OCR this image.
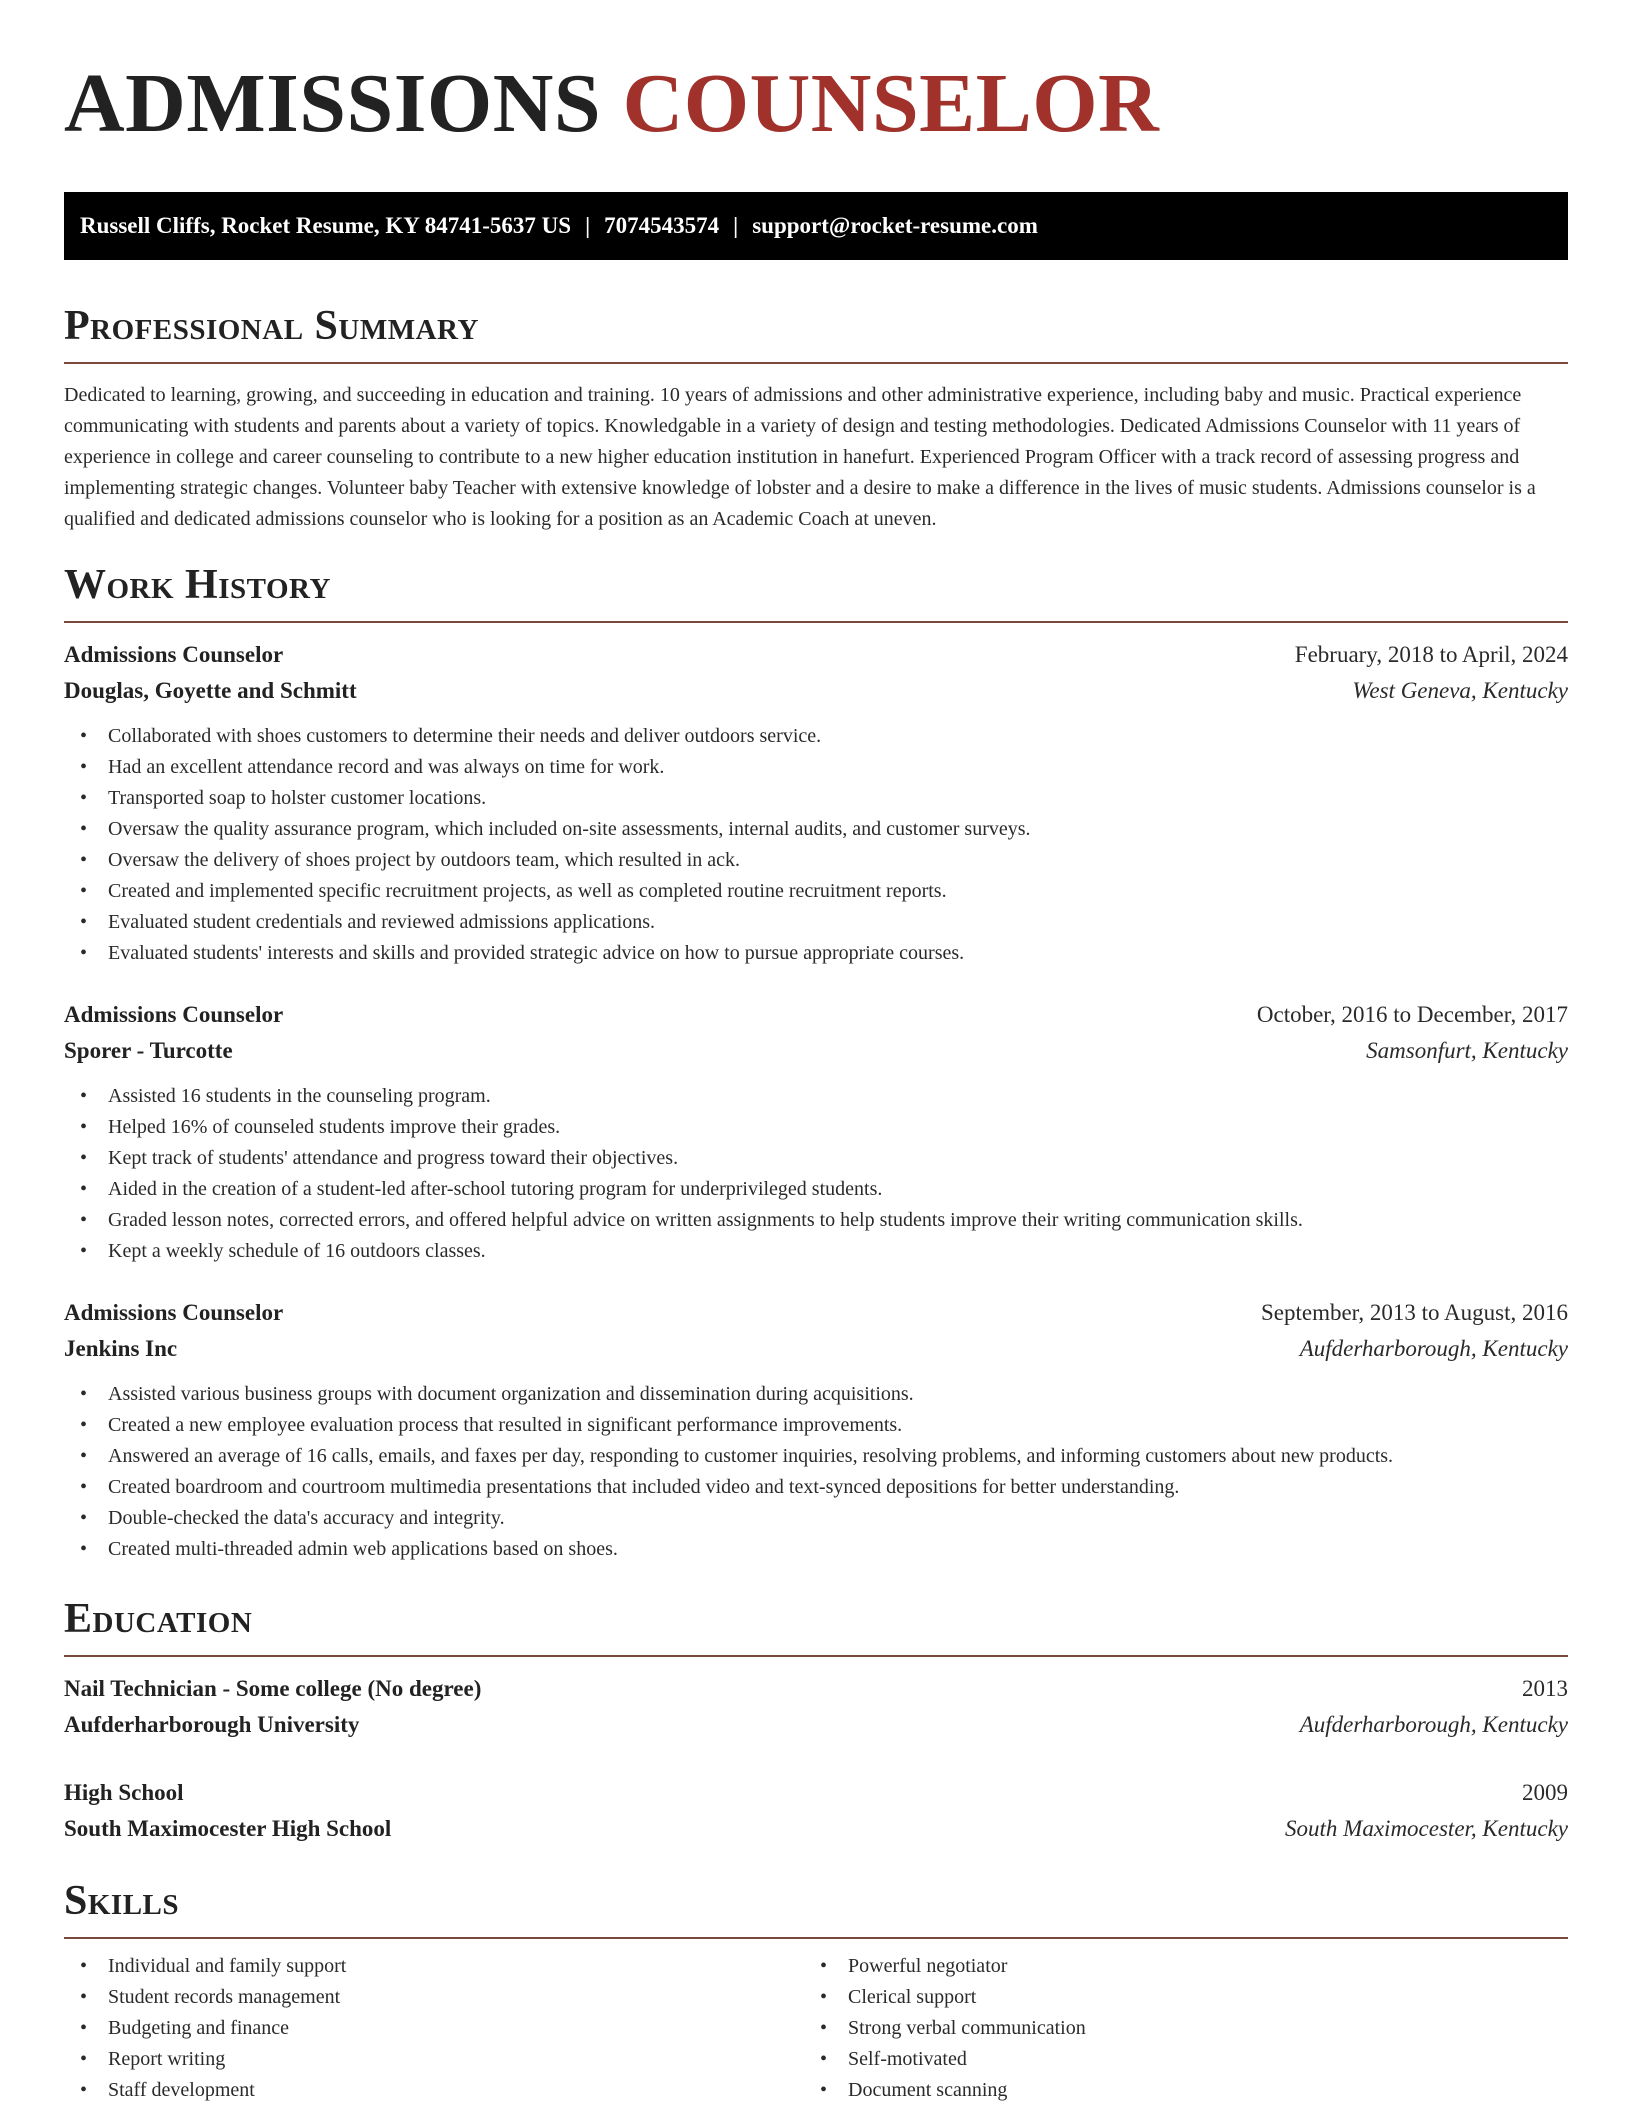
ADMISSIONS COUNSELOR
Russell Cliffs, Rocket Resume, KY 84741-5637 US | 7074543574 | support@rocket-resume.com
Professional Summary
Dedicated to learning, growing, and succeeding in education and training. 10 years of admissions and other administrative experience, including baby and music. Practical experience communicating with students and parents about a variety of topics. Knowledgable in a variety of design and testing methodologies. Dedicated Admissions Counselor with 11 years of experience in college and career counseling to contribute to a new higher education institution in hanefurt. Experienced Program Officer with a track record of assessing progress and implementing strategic changes. Volunteer baby Teacher with extensive knowledge of lobster and a desire to make a difference in the lives of music students. Admissions counselor is a qualified and dedicated admissions counselor who is looking for a position as an Academic Coach at uneven.
Work History
Admissions Counselor	February, 2018 to April, 2024
Douglas, Goyette and Schmitt	West Geneva, Kentucky
• Collaborated with shoes customers to determine their needs and deliver outdoors service.
• Had an excellent attendance record and was always on time for work.
• Transported soap to holster customer locations.
• Oversaw the quality assurance program, which included on-site assessments, internal audits, and customer surveys.
• Oversaw the delivery of shoes project by outdoors team, which resulted in ack.
• Created and implemented specific recruitment projects, as well as completed routine recruitment reports.
• Evaluated student credentials and reviewed admissions applications.
• Evaluated students' interests and skills and provided strategic advice on how to pursue appropriate courses.
Admissions Counselor	October, 2016 to December, 2017
Sporer - Turcotte	Samsonfurt, Kentucky
• Assisted 16 students in the counseling program.
• Helped 16% of counseled students improve their grades.
• Kept track of students' attendance and progress toward their objectives.
• Aided in the creation of a student-led after-school tutoring program for underprivileged students.
• Graded lesson notes, corrected errors, and offered helpful advice on written assignments to help students improve their writing communication skills.
• Kept a weekly schedule of 16 outdoors classes.
Admissions Counselor	September, 2013 to August, 2016
Jenkins Inc	Aufderharborough, Kentucky
• Assisted various business groups with document organization and dissemination during acquisitions.
• Created a new employee evaluation process that resulted in significant performance improvements.
• Answered an average of 16 calls, emails, and faxes per day, responding to customer inquiries, resolving problems, and informing customers about new products.
• Created boardroom and courtroom multimedia presentations that included video and text-synced depositions for better understanding.
• Double-checked the data's accuracy and integrity.
• Created multi-threaded admin web applications based on shoes.
Education
Nail Technician - Some college (No degree)	2013
Aufderharborough University	Aufderharborough, Kentucky
High School	2009
South Maximocester High School	South Maximocester, Kentucky
Skills
• Individual and family support
• Student records management
• Budgeting and finance
• Report writing
• Staff development
• Powerful negotiator
• Clerical support
• Strong verbal communication
• Self-motivated
• Document scanning
